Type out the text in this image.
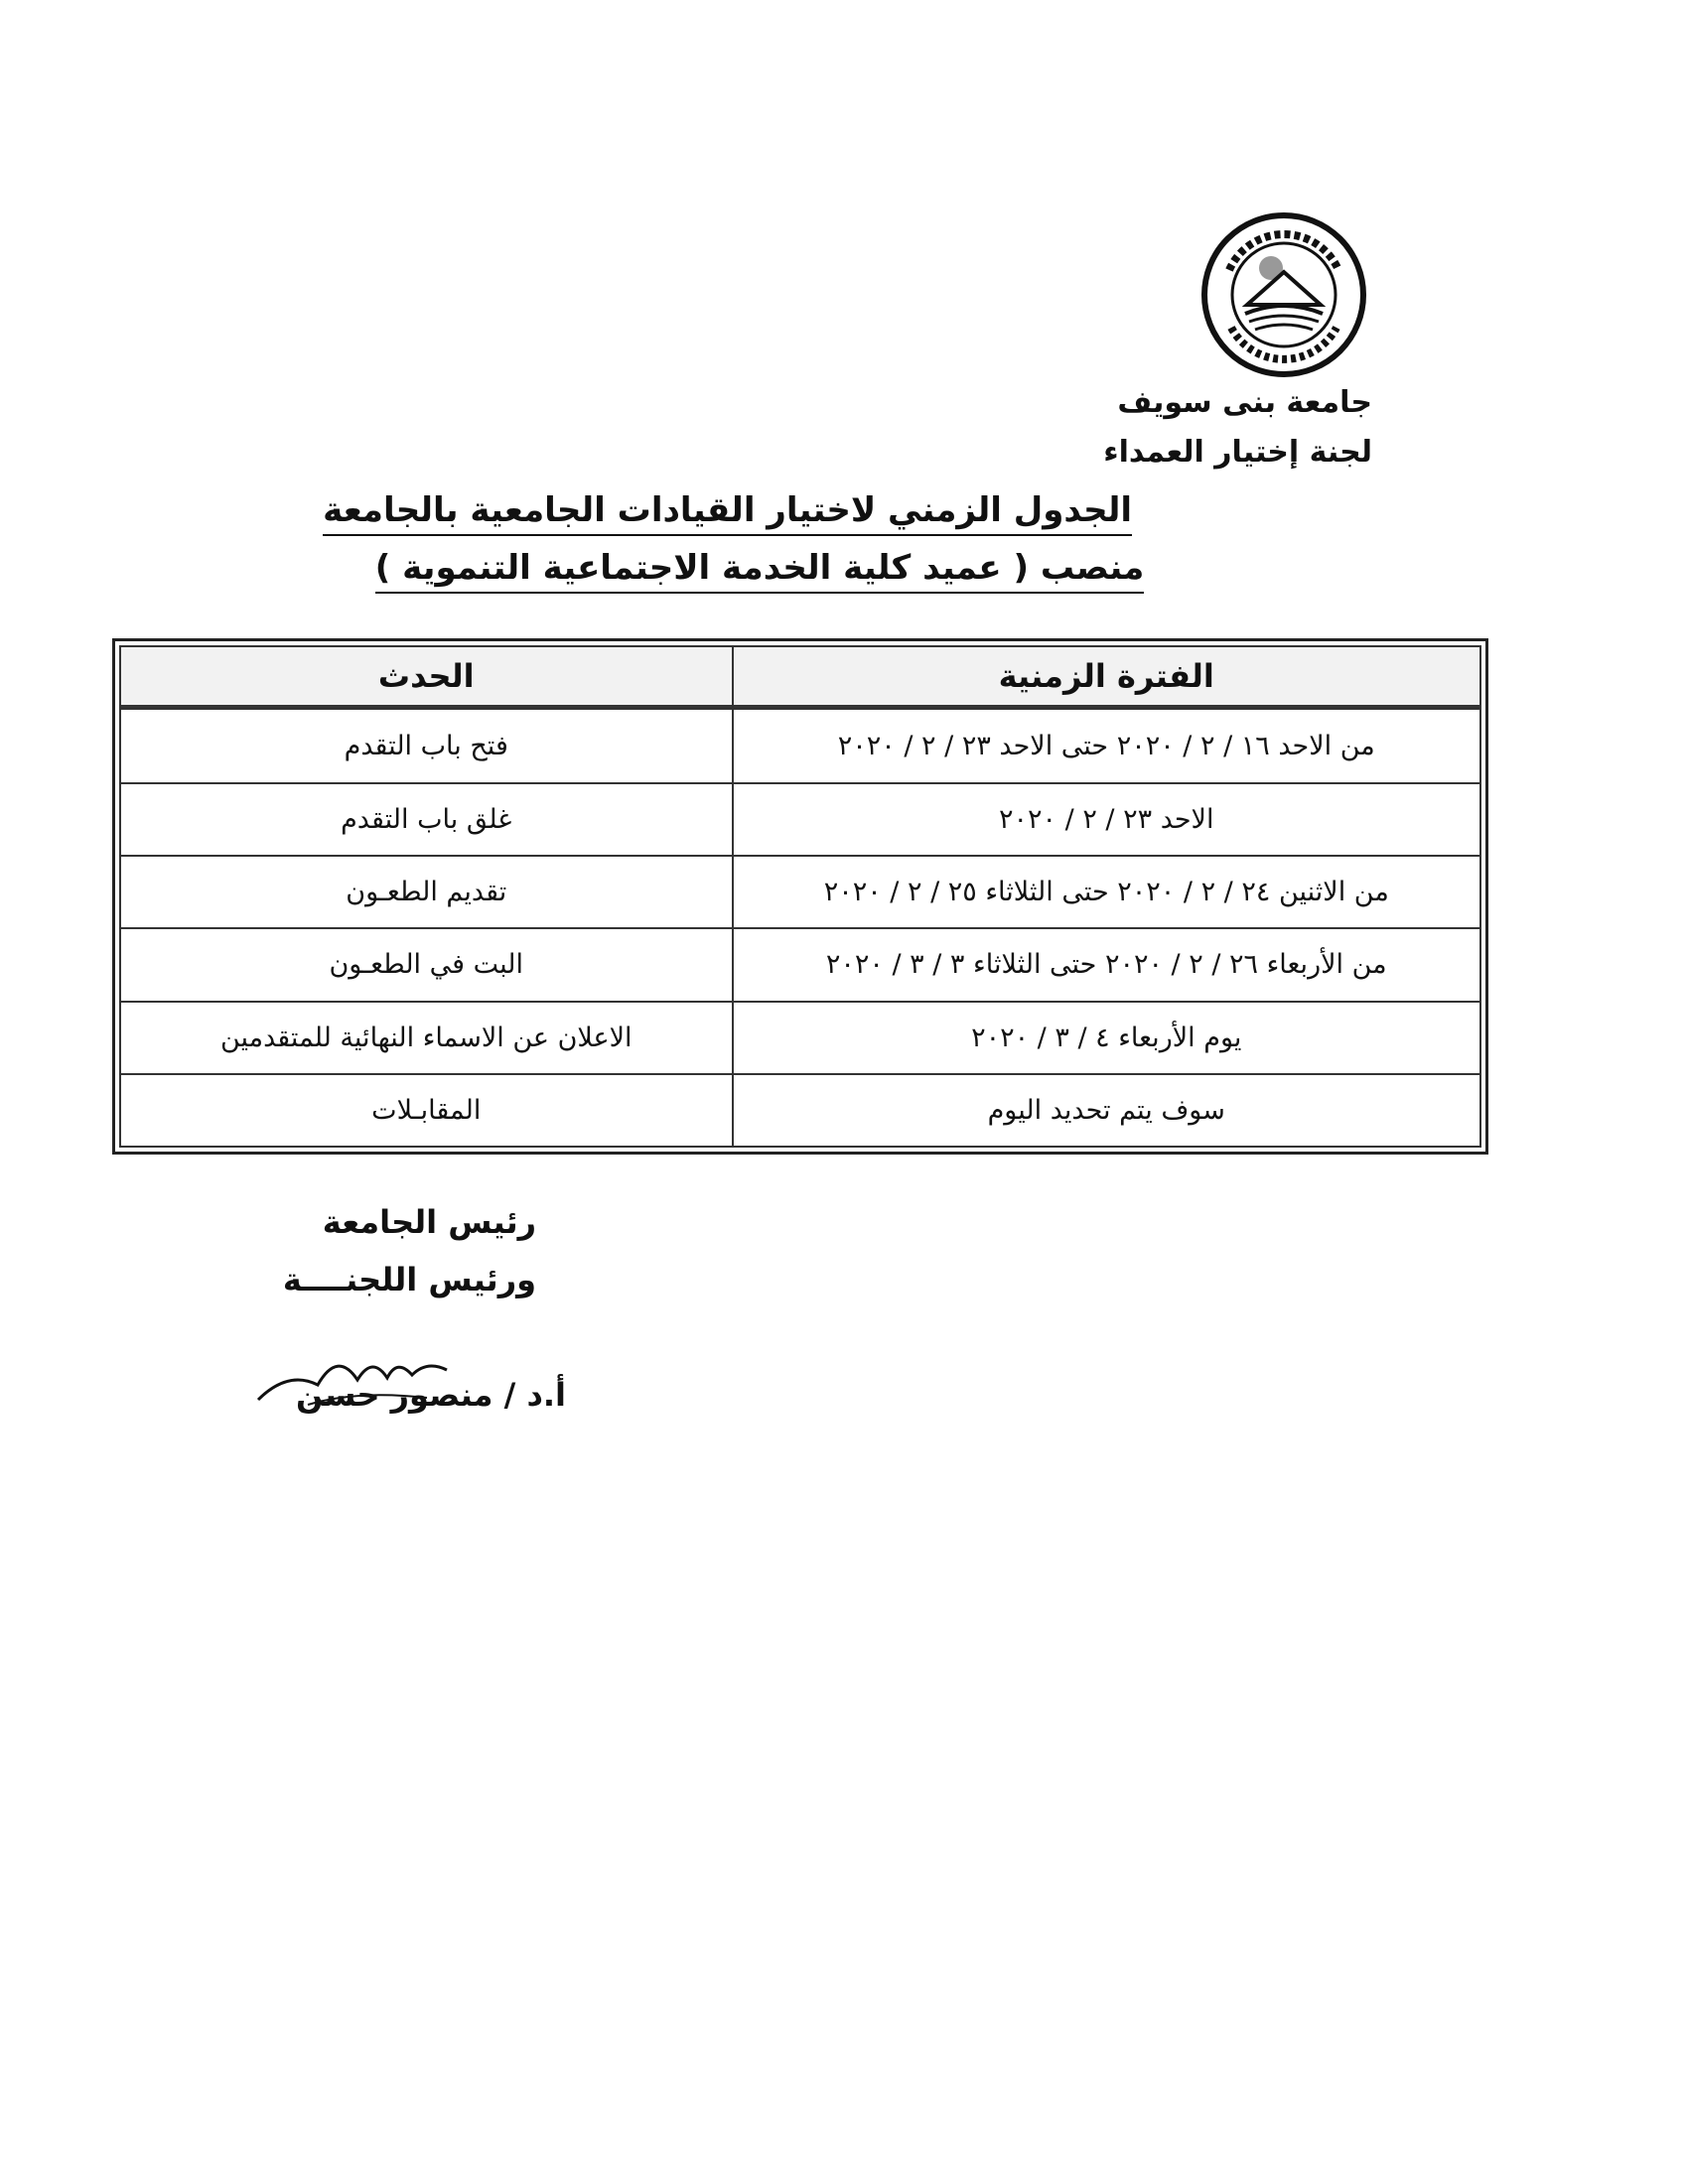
جامعة بنى سويف
لجنة إختيار العمداء
الجدول الزمني لاختيار القيادات الجامعية بالجامعة
منصب ( عميد كلية الخدمة الاجتماعية التنموية )
الفترة الزمنية	الحدث
من الاحد ١٦ / ٢ / ٢٠٢٠ حتى الاحد ٢٣ / ٢ / ٢٠٢٠	فتح باب التقدم
الاحد ٢٣ / ٢ / ٢٠٢٠	غلق باب التقدم
من الاثنين ٢٤ / ٢ / ٢٠٢٠ حتى الثلاثاء ٢٥ / ٢ / ٢٠٢٠	تقديم الطعـون
من الأربعاء ٢٦ / ٢ / ٢٠٢٠ حتى الثلاثاء ٣ / ٣ / ٢٠٢٠	البت في الطعـون
يوم الأربعاء ٤ / ٣ / ٢٠٢٠	الاعلان عن الاسماء النهائية للمتقدمين
سوف يتم تحديد اليوم	المقابـلات
رئيس الجامعة
ورئيس اللجنــــة
أ.د / منصور حسن
